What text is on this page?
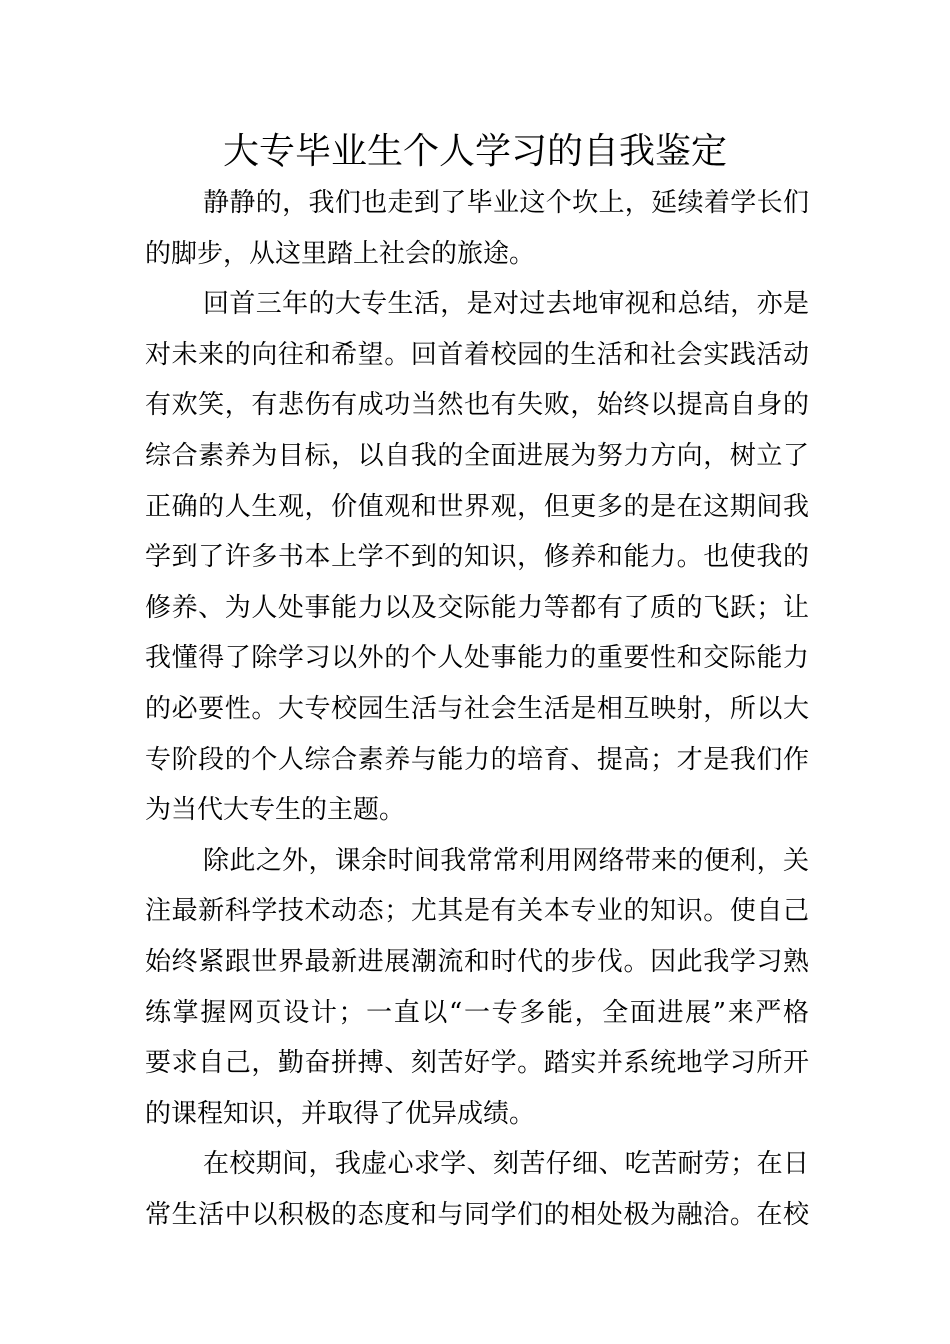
大专毕业生个人学习的自我鉴定
静静的，我们也走到了毕业这个坎上，延续着学长们
的脚步，从这里踏上社会的旅途。
回首三年的大专生活，是对过去地审视和总结，亦是
对未来的向往和希望。回首着校园的生活和社会实践活动
有欢笑，有悲伤有成功当然也有失败，始终以提高自身的
综合素养为目标，以自我的全面进展为努力方向，树立了
正确的人生观，价值观和世界观，但更多的是在这期间我
学到了许多书本上学不到的知识，修养和能力。也使我的
修养、为人处事能力以及交际能力等都有了质的飞跃；让
我懂得了除学习以外的个人处事能力的重要性和交际能力
的必要性。大专校园生活与社会生活是相互映射，所以大
专阶段的个人综合素养与能力的培育、提高；才是我们作
为当代大专生的主题。
除此之外，课余时间我常常利用网络带来的便利，关
注最新科学技术动态；尤其是有关本专业的知识。使自己
始终紧跟世界最新进展潮流和时代的步伐。因此我学习熟
练掌握网页设计；一直以“一专多能，全面进展”来严格
要求自己，勤奋拼搏、刻苦好学。踏实并系统地学习所开
的课程知识，并取得了优异成绩。
在校期间，我虚心求学、刻苦仔细、吃苦耐劳；在日
常生活中以积极的态度和与同学们的相处极为融洽。在校
